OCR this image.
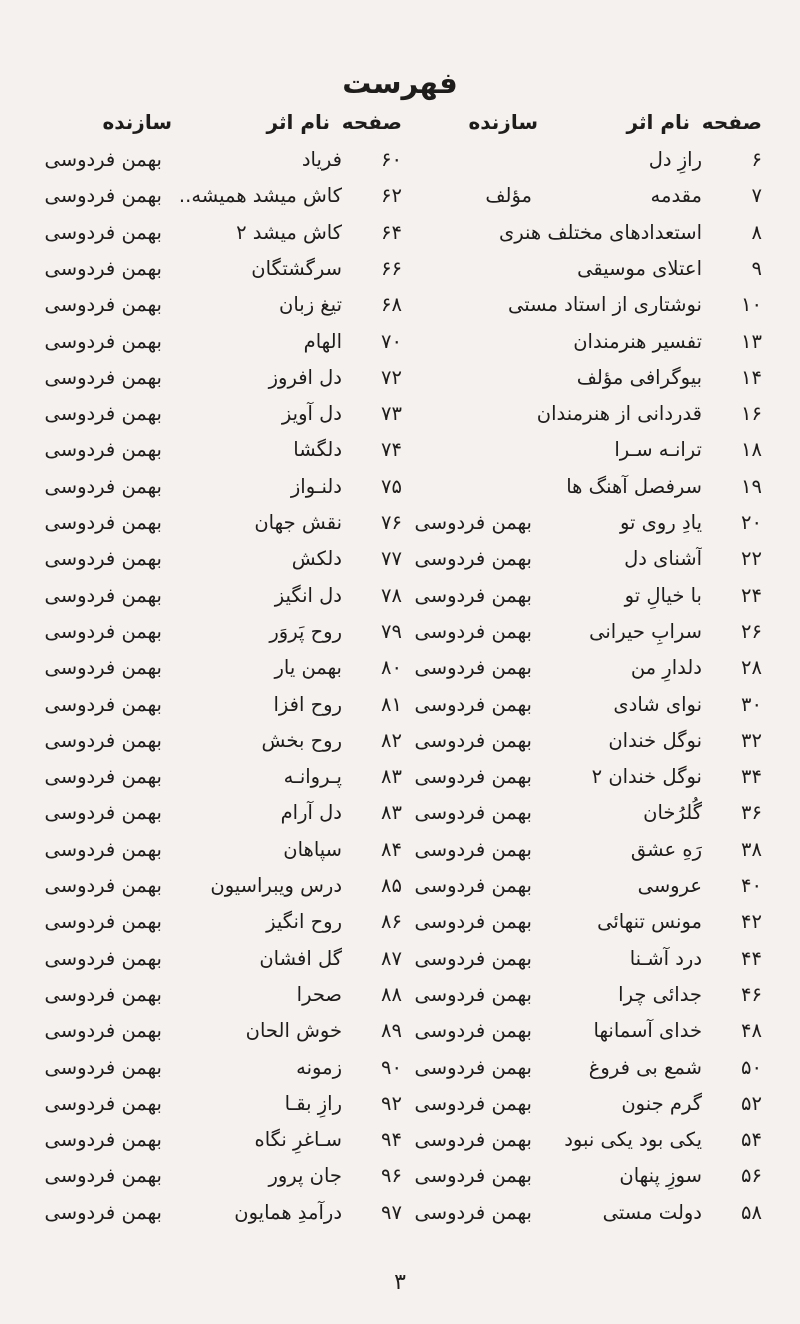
فهرست
صفحه
نام اثر
سازنده
صفحه
نام اثر
سازنده
۶
رازِ دل
۷
مقدمه
مؤلف
۸
استعدادهای مختلف هنری
۹
اعتلای موسیقی
۱۰
نوشتاری از استاد مستی
۱۳
تفسیر هنرمندان
۱۴
بیوگرافی مؤلف
۱۶
قدردانی از هنرمندان
۱۸
ترانـه سـرا
۱۹
سرفصل آهنگ ها
۲۰
یادِ روی تو
بهمن فردوسی
۲۲
آشنای دل
بهمن فردوسی
۲۴
با خیالِ تو
بهمن فردوسی
۲۶
سرابِ حیرانی
بهمن فردوسی
۲۸
دلدارِ من
بهمن فردوسی
۳۰
نوای شادی
بهمن فردوسی
۳۲
نوگل خندان
بهمن فردوسی
۳۴
نوگل خندان ۲
بهمن فردوسی
۳۶
گُلرُخان
بهمن فردوسی
۳۸
رَهِ عشق
بهمن فردوسی
۴۰
عروسی
بهمن فردوسی
۴۲
مونس تنهائی
بهمن فردوسی
۴۴
درد آشـنا
بهمن فردوسی
۴۶
جدائی چرا
بهمن فردوسی
۴۸
خدای آسمانها
بهمن فردوسی
۵۰
شمع بی فروغ
بهمن فردوسی
۵۲
گرم جنون
بهمن فردوسی
۵۴
یکی بود یکی نبود
بهمن فردوسی
۵۶
سوزِ پنهان
بهمن فردوسی
۵۸
دولت مستی
بهمن فردوسی
۶۰
فریاد
بهمن فردوسی
۶۲
کاش میشد همیشه..
بهمن فردوسی
۶۴
کاش میشد ۲
بهمن فردوسی
۶۶
سرگشتگان
بهمن فردوسی
۶۸
تیغ زبان
بهمن فردوسی
۷۰
الهام
بهمن فردوسی
۷۲
دل افروز
بهمن فردوسی
۷۳
دل آویز
بهمن فردوسی
۷۴
دلگشا
بهمن فردوسی
۷۵
دلنـواز
بهمن فردوسی
۷۶
نقش جهان
بهمن فردوسی
۷۷
دلکش
بهمن فردوسی
۷۸
دل انگیز
بهمن فردوسی
۷۹
روح پَروَر
بهمن فردوسی
۸۰
بهمن یار
بهمن فردوسی
۸۱
روح افزا
بهمن فردوسی
۸۲
روح بخش
بهمن فردوسی
۸۳
پـروانـه
بهمن فردوسی
۸۳
دل آرام
بهمن فردوسی
۸۴
سپاهان
بهمن فردوسی
۸۵
درس ویبراسیون
بهمن فردوسی
۸۶
روح انگیز
بهمن فردوسی
۸۷
گل افشان
بهمن فردوسی
۸۸
صحرا
بهمن فردوسی
۸۹
خوش الحان
بهمن فردوسی
۹۰
زمونه
بهمن فردوسی
۹۲
رازِ بقـا
بهمن فردوسی
۹۴
سـاغرِ نگاه
بهمن فردوسی
۹۶
جان پرور
بهمن فردوسی
۹۷
درآمدِ همایون
بهمن فردوسی
۳
